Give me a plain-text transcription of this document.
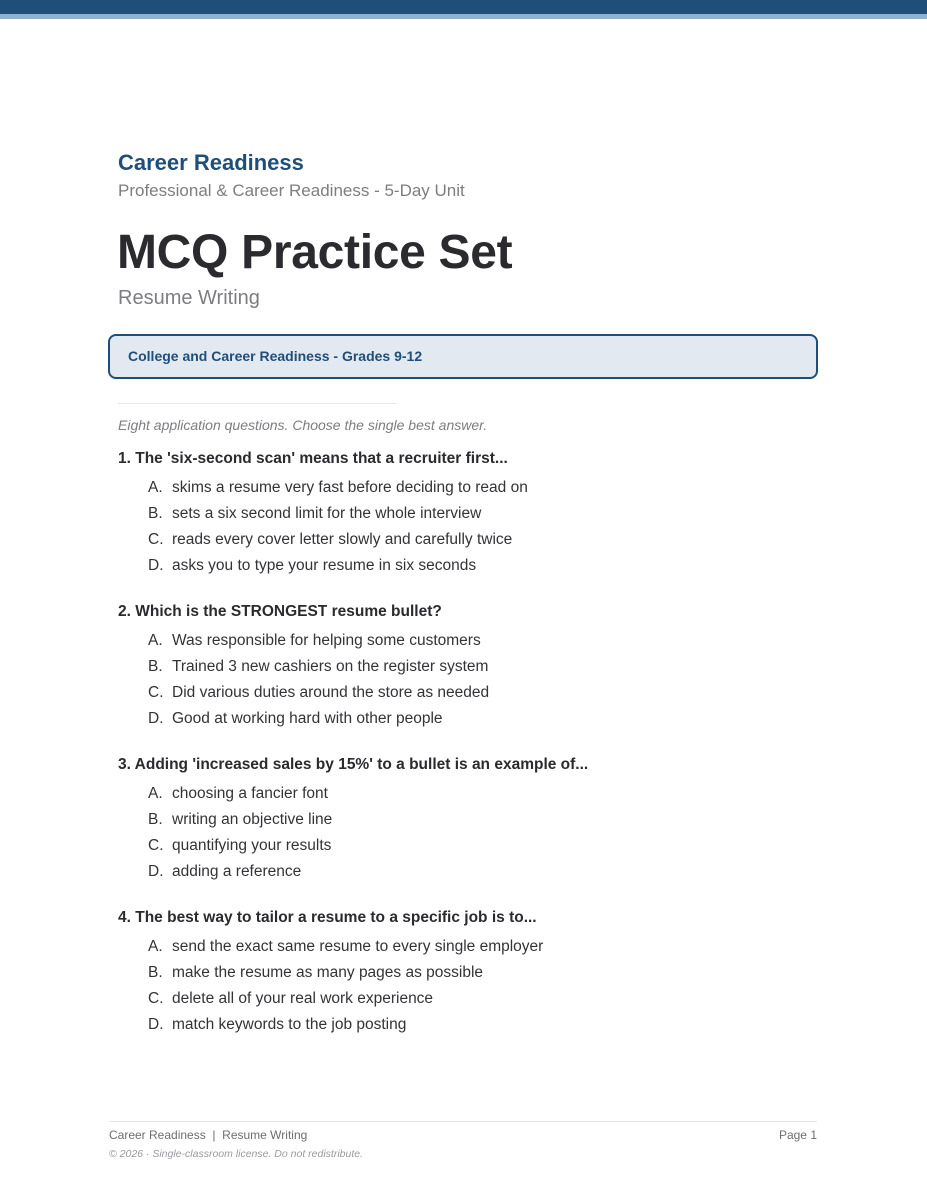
Career Readiness
Professional & Career Readiness - 5-Day Unit
MCQ Practice Set
Resume Writing
College and Career Readiness - Grades 9-12
Eight application questions. Choose the single best answer.
1. The 'six-second scan' means that a recruiter first...
A. skims a resume very fast before deciding to read on
B. sets a six second limit for the whole interview
C. reads every cover letter slowly and carefully twice
D. asks you to type your resume in six seconds
2. Which is the STRONGEST resume bullet?
A. Was responsible for helping some customers
B. Trained 3 new cashiers on the register system
C. Did various duties around the store as needed
D. Good at working hard with other people
3. Adding 'increased sales by 15%' to a bullet is an example of...
A. choosing a fancier font
B. writing an objective line
C. quantifying your results
D. adding a reference
4. The best way to tailor a resume to a specific job is to...
A. send the exact same resume to every single employer
B. make the resume as many pages as possible
C. delete all of your real work experience
D. match keywords to the job posting
Career Readiness  |  Resume Writing	Page 1
© 2026 · Single-classroom license. Do not redistribute.
